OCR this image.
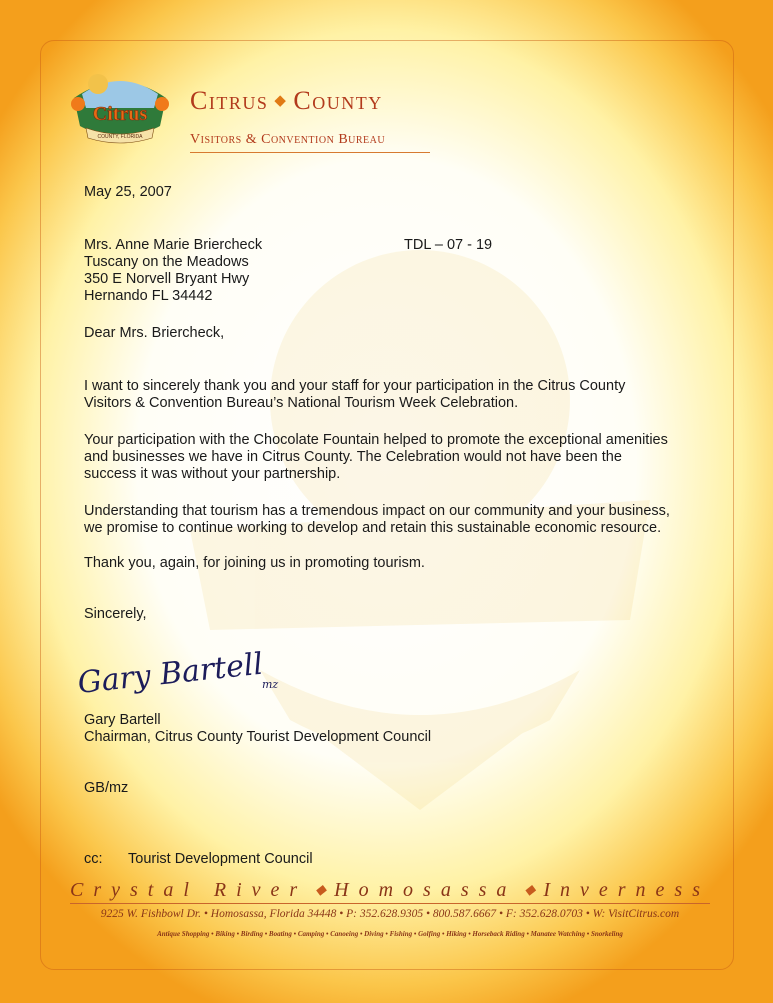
Citrus
COUNTY, FLORIDA
Citrus ◆ County
Visitors & Convention Bureau

May 25, 2007

Mrs. Anne Marie Briercheck
Tuscany on the Meadows
350 E Norvell Bryant Hwy
Hernando FL 34442

TDL – 07 - 19

Dear Mrs. Briercheck,

I want to sincerely thank you and your staff for your participation in the Citrus County
Visitors & Convention Bureau’s National Tourism Week Celebration.
Your participation with the Chocolate Fountain helped to promote the exceptional amenities
and businesses we have in Citrus County. The Celebration would not have been the
success it was without your partnership.
Understanding that tourism has a tremendous impact on our community and your business,
we promise to continue working to develop and retain this sustainable economic resource.
Thank you, again, for joining us in promoting tourism.

Sincerely,

Gary Bartell
mz
Gary Bartell
Chairman, Citrus County Tourist Development Council

GB/mz

cc: Tourist Development Council

Crystal River ◆ Homosassa ◆ Inverness
9225 W. Fishbowl Dr. • Homosassa, Florida 34448 • P: 352.628.9305 • 800.587.6667 • F: 352.628.0703 • W: VisitCitrus.com
Antique Shopping • Biking • Birding • Boating • Camping • Canoeing • Diving • Fishing • Golfing • Hiking • Horseback Riding • Manatee Watching • Snorkeling
